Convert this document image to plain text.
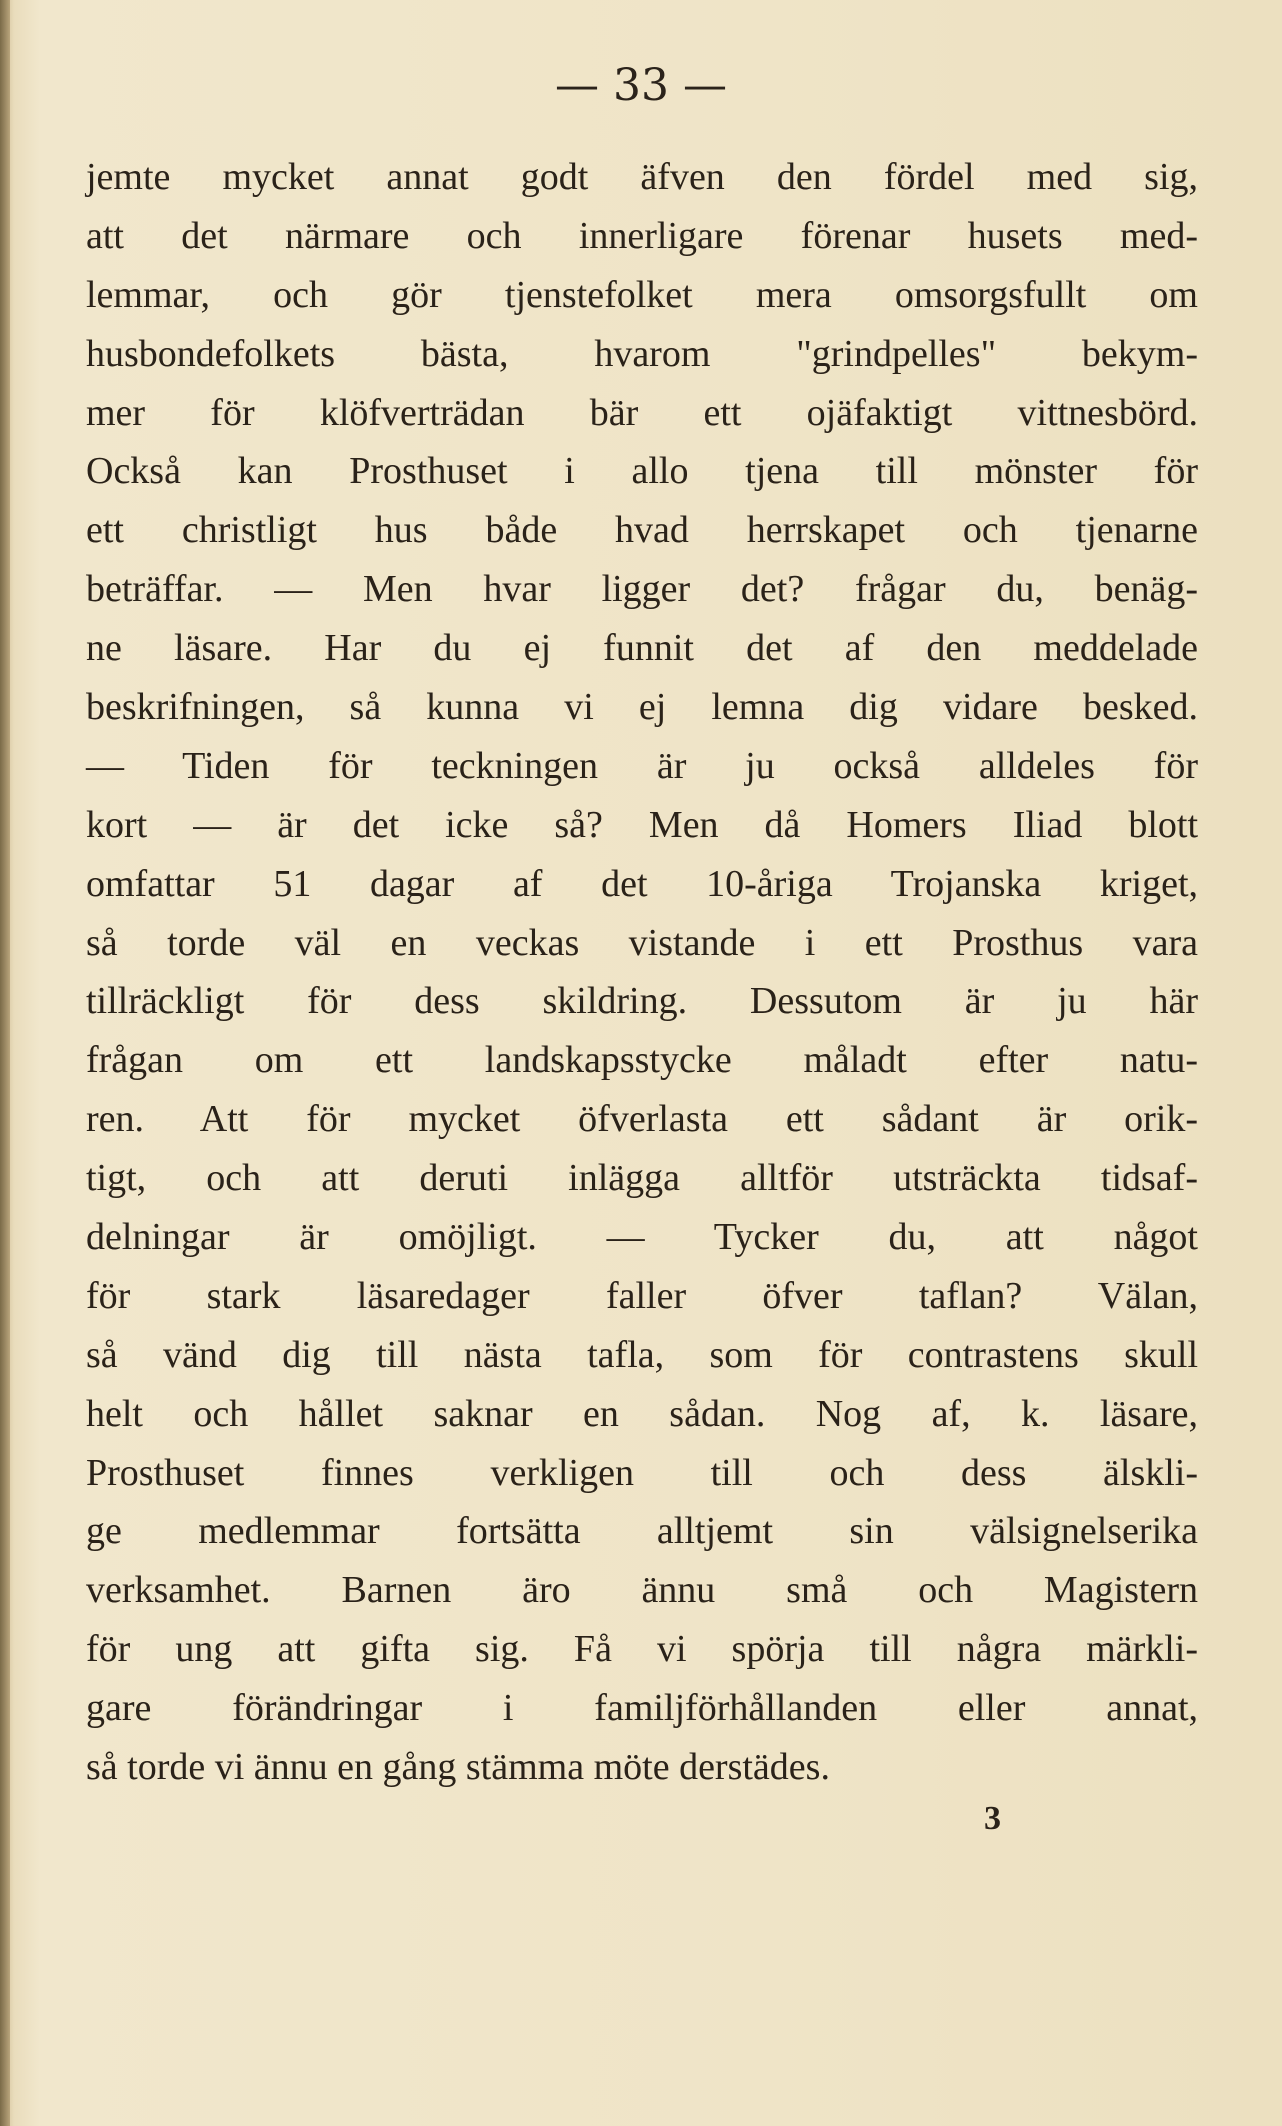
— 33 —
jemte mycket annat godt äfven den fördel med sig,
att det närmare och innerligare förenar husets med-
lemmar, och gör tjenstefolket mera omsorgsfullt om
husbondefolkets bästa, hvarom "grindpelles" bekym-
mer för klöfverträdan bär ett ojäfaktigt vittnesbörd.
Också kan Prosthuset i allo tjena till mönster för
ett christligt hus både hvad herrskapet och tjenarne
beträffar. — Men hvar ligger det? frågar du, benäg-
ne läsare. Har du ej funnit det af den meddelade
beskrifningen, så kunna vi ej lemna dig vidare besked.
— Tiden för teckningen är ju också alldeles för
kort — är det icke så? Men då Homers Iliad blott
omfattar 51 dagar af det 10-åriga Trojanska kriget,
så torde väl en veckas vistande i ett Prosthus vara
tillräckligt för dess skildring. Dessutom är ju här
frågan om ett landskapsstycke måladt efter natu-
ren. Att för mycket öfverlasta ett sådant är orik-
tigt, och att deruti inlägga alltför utsträckta tidsaf-
delningar är omöjligt. — Tycker du, att något
för stark läsaredager faller öfver taflan? Välan,
så vänd dig till nästa tafla, som för contrastens skull
helt och hållet saknar en sådan. Nog af, k. läsare,
Prosthuset finnes verkligen till och dess älskli-
ge medlemmar fortsätta alltjemt sin välsignelserika
verksamhet. Barnen äro ännu små och Magistern
för ung att gifta sig. Få vi spörja till några märkli-
gare förändringar i familjförhållanden eller annat,
så torde vi ännu en gång stämma möte derstädes.
3
